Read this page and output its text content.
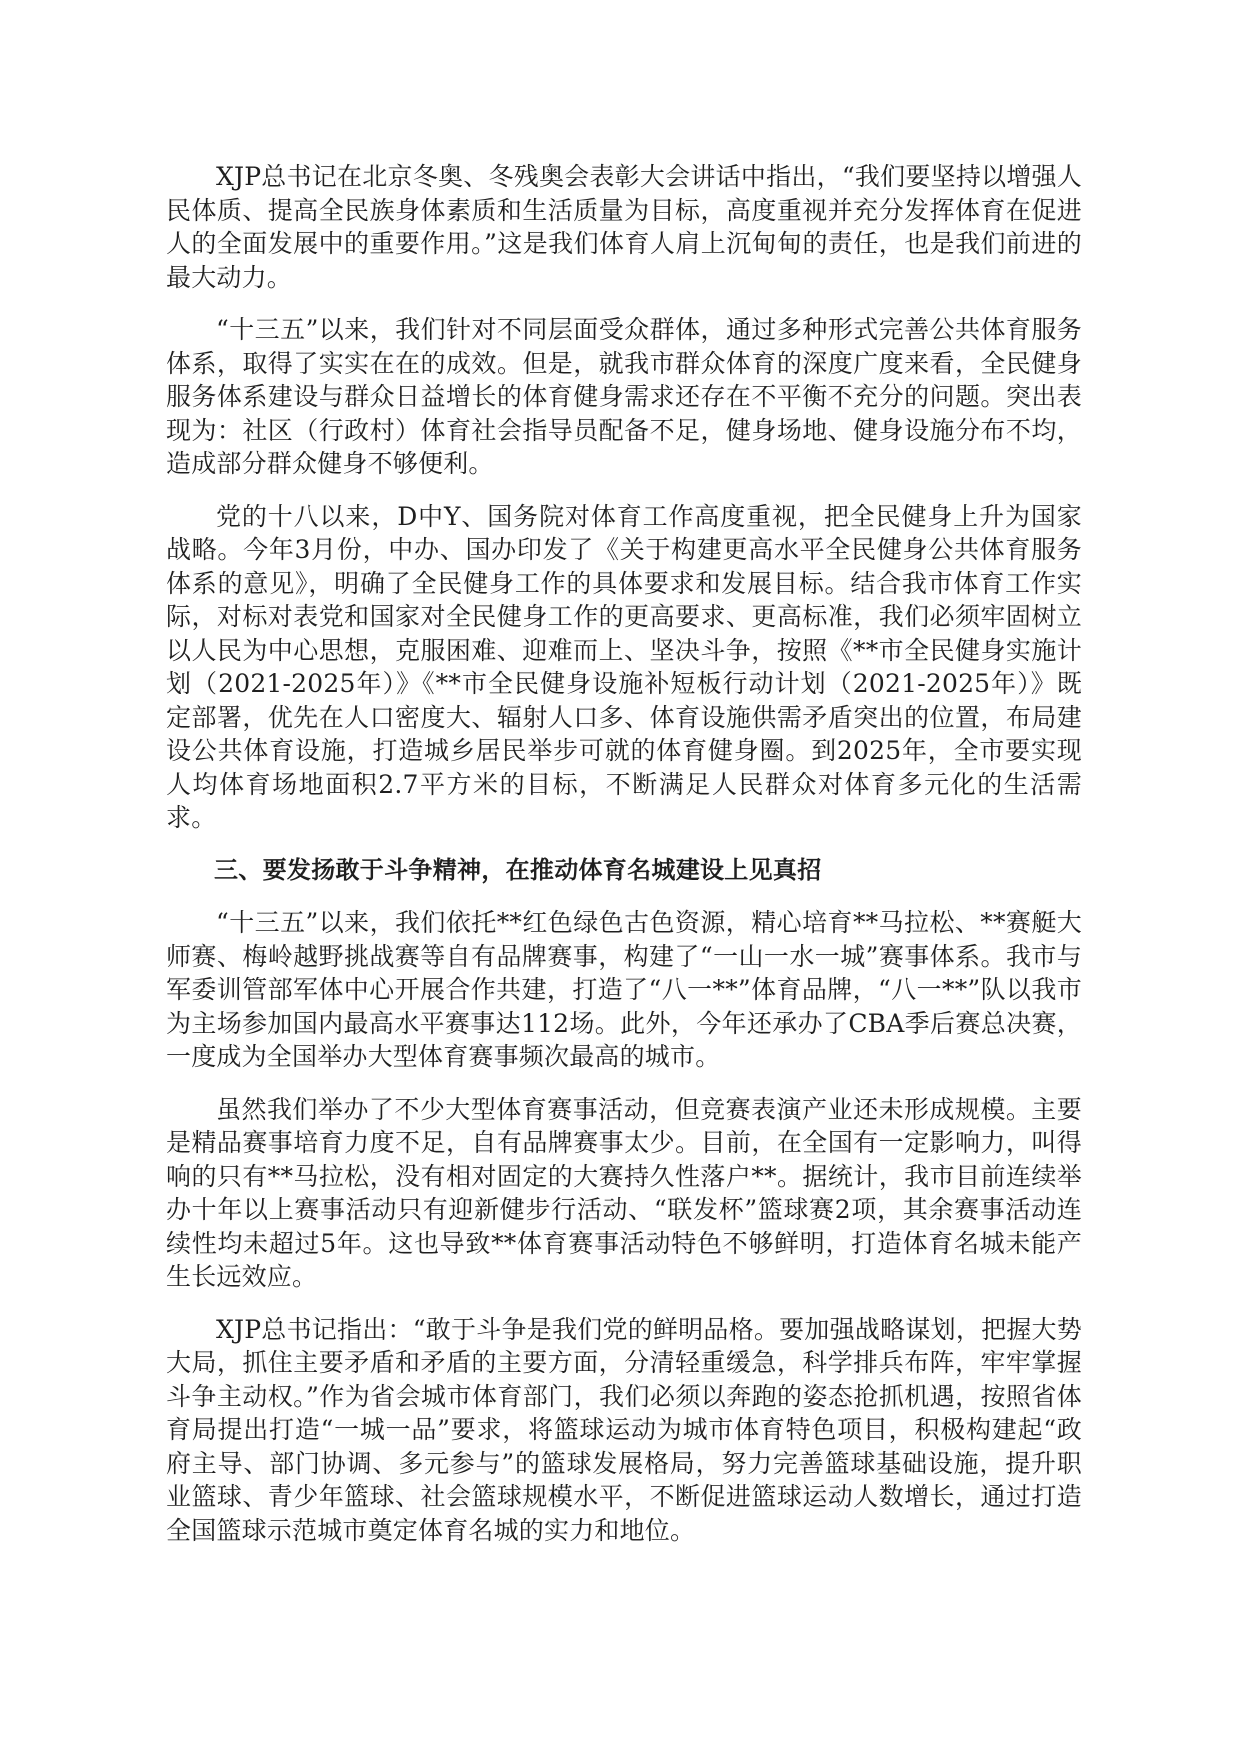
XJP总书记在北京冬奥、冬残奥会表彰大会讲话中指出，“我们要坚持以增强人民体质、提高全民族身体素质和生活质量为目标，高度重视并充分发挥体育在促进人的全面发展中的重要作用。”这是我们体育人肩上沉甸甸的责任，也是我们前进的最大动力。

“十三五”以来，我们针对不同层面受众群体，通过多种形式完善公共体育服务体系，取得了实实在在的成效。但是，就我市群众体育的深度广度来看，全民健身服务体系建设与群众日益增长的体育健身需求还存在不平衡不充分的问题。突出表现为：社区（行政村）体育社会指导员配备不足，健身场地、健身设施分布不均，造成部分群众健身不够便利。

党的十八以来，D中Y、国务院对体育工作高度重视，把全民健身上升为国家战略。今年3月份，中办、国办印发了《关于构建更高水平全民健身公共体育服务体系的意见》，明确了全民健身工作的具体要求和发展目标。结合我市体育工作实际，对标对表党和国家对全民健身工作的更高要求、更高标准，我们必须牢固树立以人民为中心思想，克服困难、迎难而上、坚决斗争，按照《**市全民健身实施计划（2021-2025年）》《**市全民健身设施补短板行动计划（2021-2025年）》既定部署，优先在人口密度大、辐射人口多、体育设施供需矛盾突出的位置，布局建设公共体育设施，打造城乡居民举步可就的体育健身圈。到2025年，全市要实现人均体育场地面积2.7平方米的目标，不断满足人民群众对体育多元化的生活需求。

三、要发扬敢于斗争精神，在推动体育名城建设上见真招

“十三五”以来，我们依托**红色绿色古色资源，精心培育**马拉松、**赛艇大师赛、梅岭越野挑战赛等自有品牌赛事，构建了“一山一水一城”赛事体系。我市与军委训管部军体中心开展合作共建，打造了“八一**”体育品牌，“八一**”队以我市为主场参加国内最高水平赛事达112场。此外，今年还承办了CBA季后赛总决赛，一度成为全国举办大型体育赛事频次最高的城市。

虽然我们举办了不少大型体育赛事活动，但竞赛表演产业还未形成规模。主要是精品赛事培育力度不足，自有品牌赛事太少。目前，在全国有一定影响力，叫得响的只有**马拉松，没有相对固定的大赛持久性落户**。据统计，我市目前连续举办十年以上赛事活动只有迎新健步行活动、“联发杯”篮球赛2项，其余赛事活动连续性均未超过5年。这也导致**体育赛事活动特色不够鲜明，打造体育名城未能产生长远效应。

XJP总书记指出：“敢于斗争是我们党的鲜明品格。要加强战略谋划，把握大势大局，抓住主要矛盾和矛盾的主要方面，分清轻重缓急，科学排兵布阵，牢牢掌握斗争主动权。”作为省会城市体育部门，我们必须以奔跑的姿态抢抓机遇，按照省体育局提出打造“一城一品”要求，将篮球运动为城市体育特色项目，积极构建起“政府主导、部门协调、多元参与”的篮球发展格局，努力完善篮球基础设施，提升职业篮球、青少年篮球、社会篮球规模水平，不断促进篮球运动人数增长，通过打造全国篮球示范城市奠定体育名城的实力和地位。
